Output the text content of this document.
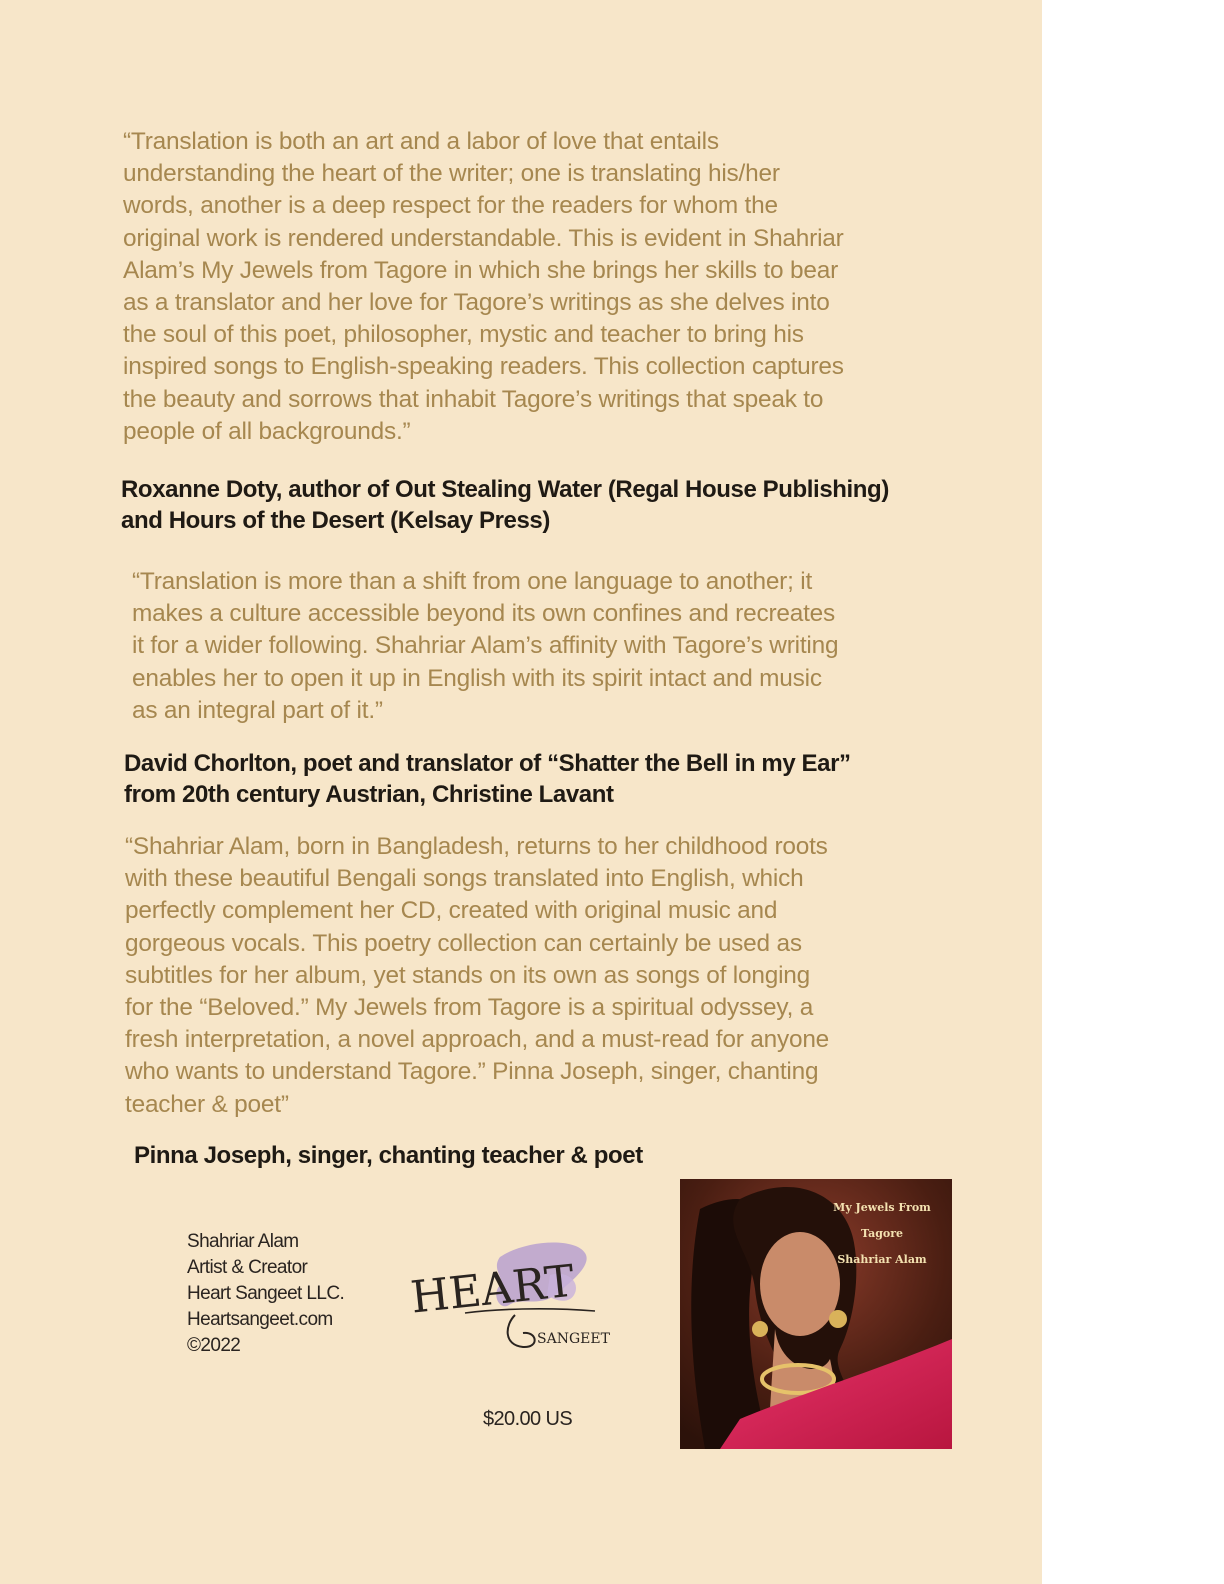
“Translation is both an art and a labor of love that entails
understanding the heart of the writer; one is translating his/her
words, another is a deep respect for the readers for whom the
original work is rendered understandable. This is evident in Shahriar
Alam’s My Jewels from Tagore in which she brings her skills to bear
as a translator and her love for Tagore’s writings as she delves into
the soul of this poet, philosopher, mystic and teacher to bring his
inspired songs to English-speaking readers. This collection captures
the beauty and sorrows that inhabit Tagore’s writings that speak to
people of all backgrounds.”

Roxanne Doty, author of Out Stealing Water (Regal House Publishing)
and Hours of the Desert (Kelsay Press)

“Translation is more than a shift from one language to another; it
makes a culture accessible beyond its own confines and recreates
it for a wider following. Shahriar Alam’s affinity with Tagore’s writing
enables her to open it up in English with its spirit intact and music
as an integral part of it.”

David Chorlton, poet and translator of “Shatter the Bell in my Ear”
from 20th century Austrian, Christine Lavant

“Shahriar Alam, born in Bangladesh, returns to her childhood roots
with these beautiful Bengali songs translated into English, which
perfectly complement her CD, created with original music and
gorgeous vocals. This poetry collection can certainly be used as
subtitles for her album, yet stands on its own as songs of longing
for the “Beloved.” My Jewels from Tagore is a spiritual odyssey, a
fresh interpretation, a novel approach, and a must-read for anyone
who wants to understand Tagore.” Pinna Joseph, singer, chanting
teacher & poet”

Pinna Joseph, singer, chanting teacher & poet

Shahriar Alam
Artist & Creator
Heart Sangeet LLC.
Heartsangeet.com
©2022
HEART
SANGEET
$20.00 US
My Jewels From
Tagore
Shahriar Alam
